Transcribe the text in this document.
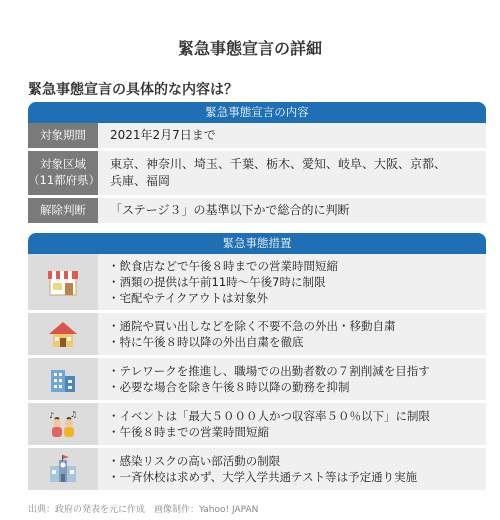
緊急事態宣言の詳細
緊急事態宣言の具体的な内容は？
緊急事態宣言の内容
対象期間	2021年2月7日まで
対象区域
（11都府県）
東京、神奈川、埼玉、千葉、栃木、愛知、岐阜、大阪、京都、
兵庫、福岡
解除判断	「ステージ３」の基準以下かで総合的に判断
緊急事態措置
・ 飲食店などで午後８時までの営業時間短縮
・ 酒類の提供は午前11時～午後7時に制限
・ 宅配やテイクアウトは対象外
・ 通院や買い出しなどを除く不要不急の外出・移動自粛
・ 特に午後８時以降の外出自粛を徹底
・ テレワークを推進し、職場での出勤者数の７割削減を目指す
・ 必要な場合を除き午後８時以降の勤務を抑制
♪ ♫
・	イベントは「最大５０００人かつ収容率５０％以下」に制限
・ 午後８時までの営業時間短縮
・ 感染リスクの高い部活動の制限
・ 一斉休校は求めず、大学入学共通テスト等は予定通り実施
出典：政府の発表を元に作成　画像制作：Yahoo! JAPAN
